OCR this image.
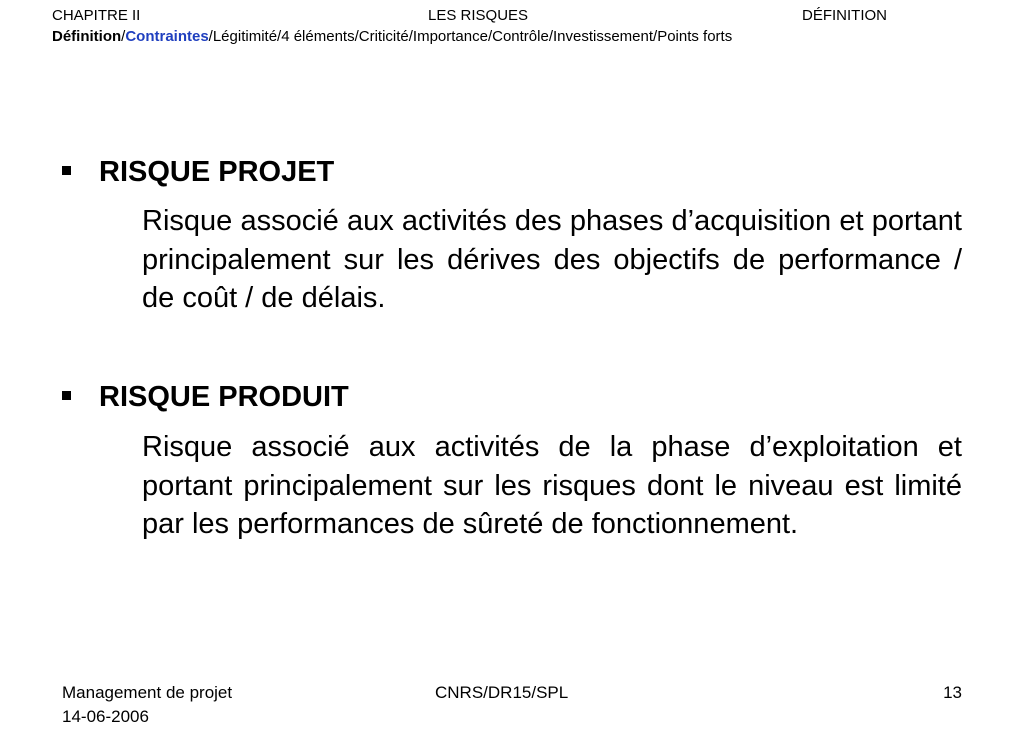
CHAPITRE II	LES RISQUES	DÉFINITION
Définition/Contraintes/Légitimité/4 éléments/Criticité/Importance/Contrôle/Investissement/Points forts
RISQUE PROJET
Risque associé aux activités des phases d’acquisition et portant principalement sur les dérives des objectifs de performance / de coût / de délais.
RISQUE PRODUIT
Risque associé aux activités de la phase d’exploitation et portant principalement sur les risques dont le niveau est limité par les performances de sûreté de fonctionnement.
Management de projet
14-06-2006
CNRS/DR15/SPL	13
